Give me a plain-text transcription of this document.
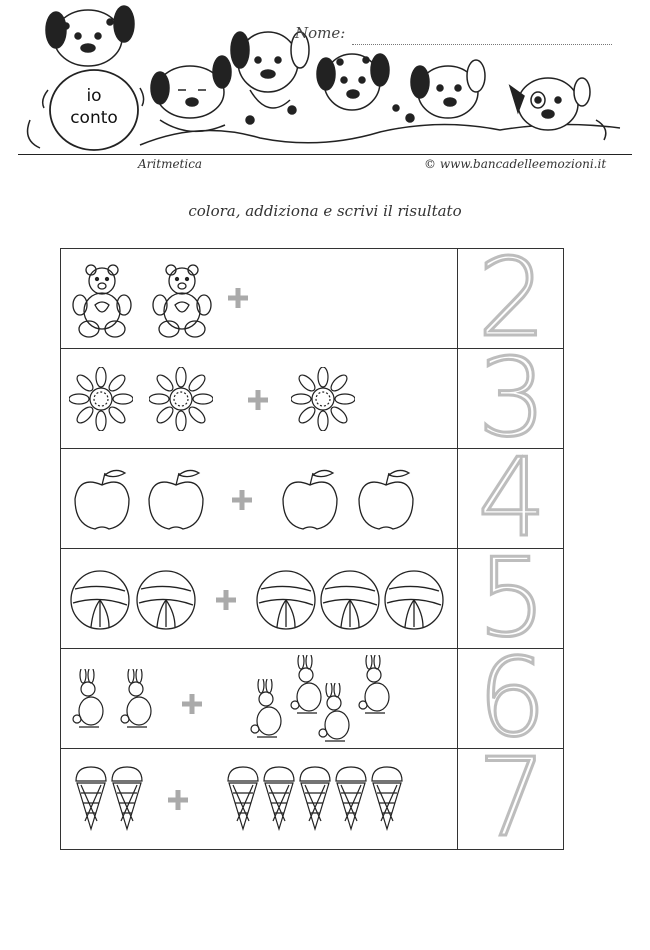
io
conto
Nome:
Aritmetica	© www.bancadelleemozioni.it
colora, addiziona e scrivi il risultato
2
3
4
5
6
7
